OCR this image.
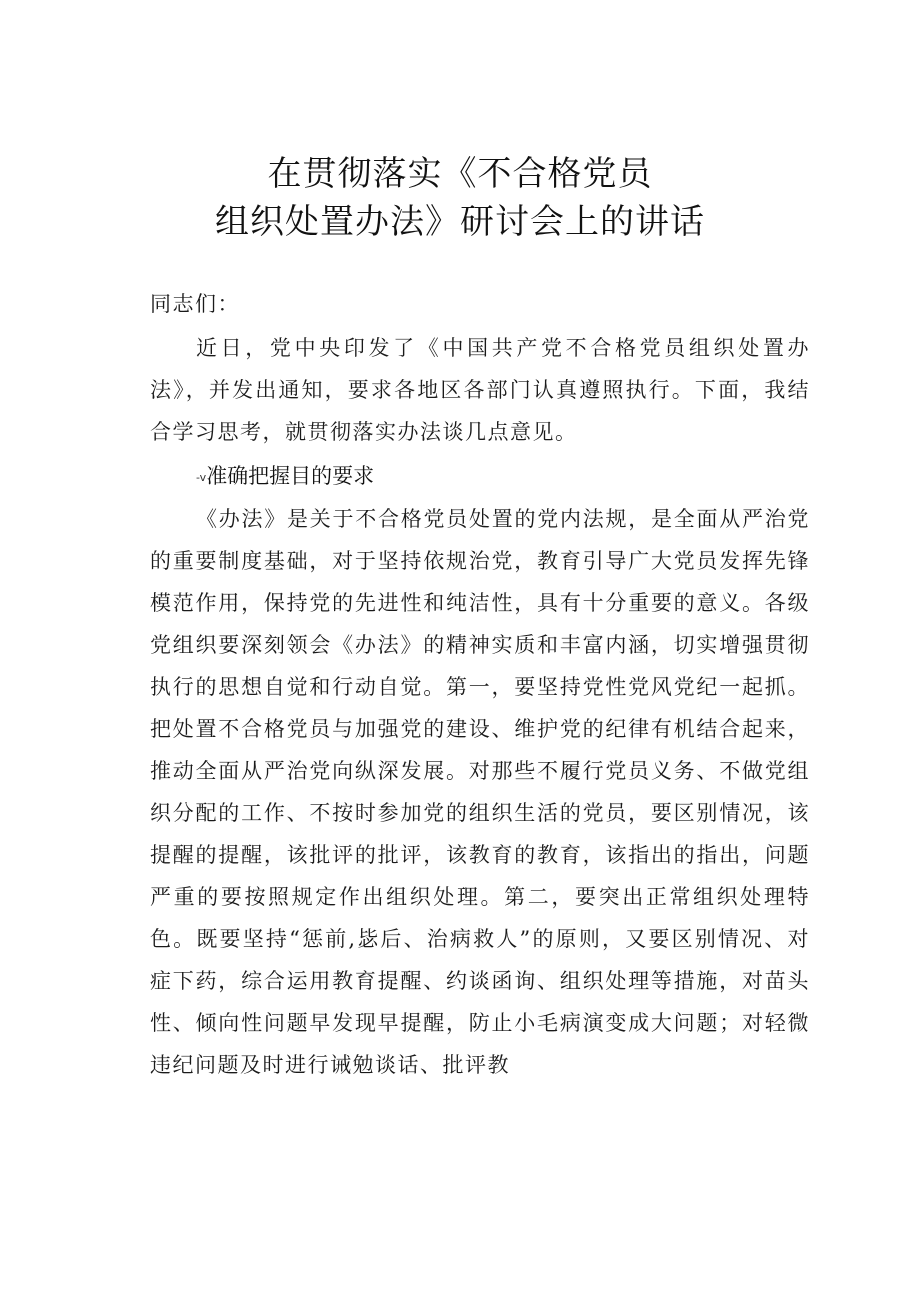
在贯彻落实《不合格党员
组织处置办法》研讨会上的讲话

同志们：

近日，党中央印发了《中国共产党不合格党员组织处置办法》，并发出通知，要求各地区各部门认真遵照执行。下面，我结合学习思考，就贯彻落实办法谈几点意见。

-v准确把握目的要求

《办法》是关于不合格党员处置的党内法规，是全面从严治党的重要制度基础，对于坚持依规治党，教育引导广大党员发挥先锋模范作用，保持党的先进性和纯洁性，具有十分重要的意义。各级党组织要深刻领会《办法》的精神实质和丰富内涵，切实增强贯彻执行的思想自觉和行动自觉。第一，要坚持党性党风党纪一起抓。把处置不合格党员与加强党的建设、维护党的纪律有机结合起来，推动全面从严治党向纵深发展。对那些不履行党员义务、不做党组织分配的工作、不按时参加党的组织生活的党员，要区别情况，该提醒的提醒，该批评的批评，该教育的教育，该指出的指出，问题严重的要按照规定作出组织处理。第二，要突出正常组织处理特色。既要坚持“惩前,毖后、治病救人”的原则，又要区别情况、对症下药，综合运用教育提醒、约谈函询、组织处理等措施，对苗头性、倾向性问题早发现早提醒，防止小毛病演变成大问题；对轻微违纪问题及时进行诫勉谈话、批评教
